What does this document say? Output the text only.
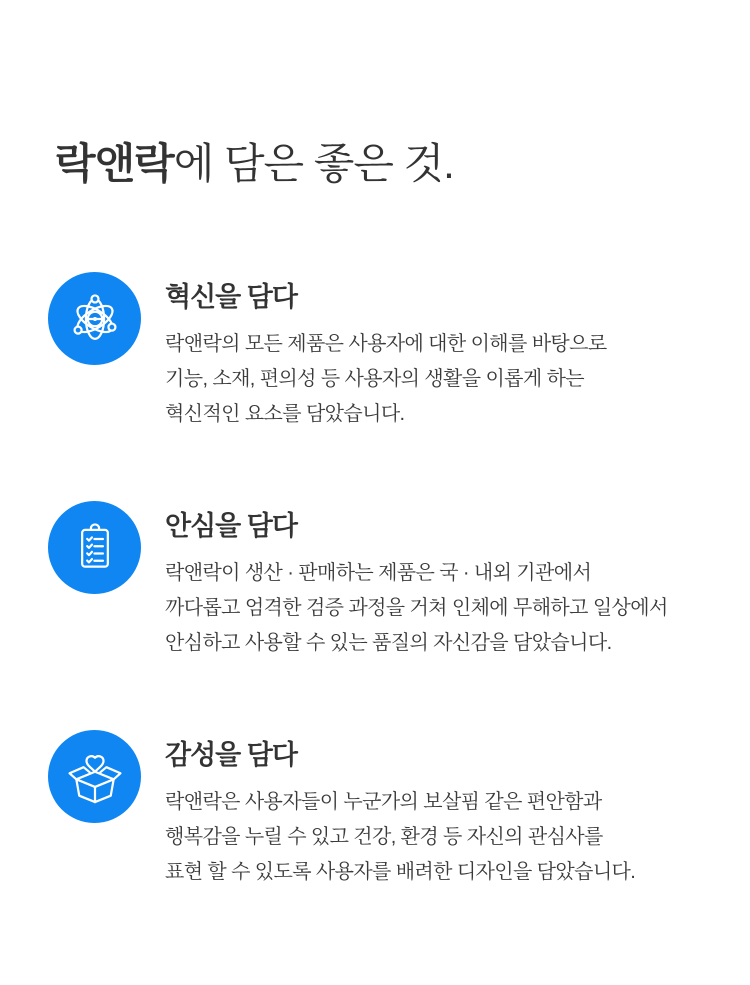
락앤락에 담은 좋은 것.
혁신을 담다
락앤락의 모든 제품은 사용자에 대한 이해를 바탕으로
기능, 소재, 편의성 등 사용자의 생활을 이롭게 하는
혁신적인 요소를 담았습니다.
안심을 담다
락앤락이 생산 · 판매하는 제품은 국 · 내외 기관에서
까다롭고 엄격한 검증 과정을 거쳐 인체에 무해하고 일상에서
안심하고 사용할 수 있는 품질의 자신감을 담았습니다.
감성을 담다
락앤락은 사용자들이 누군가의 보살핌 같은 편안함과
행복감을 누릴 수 있고 건강, 환경 등 자신의 관심사를
표현 할 수 있도록 사용자를 배려한 디자인을 담았습니다.
